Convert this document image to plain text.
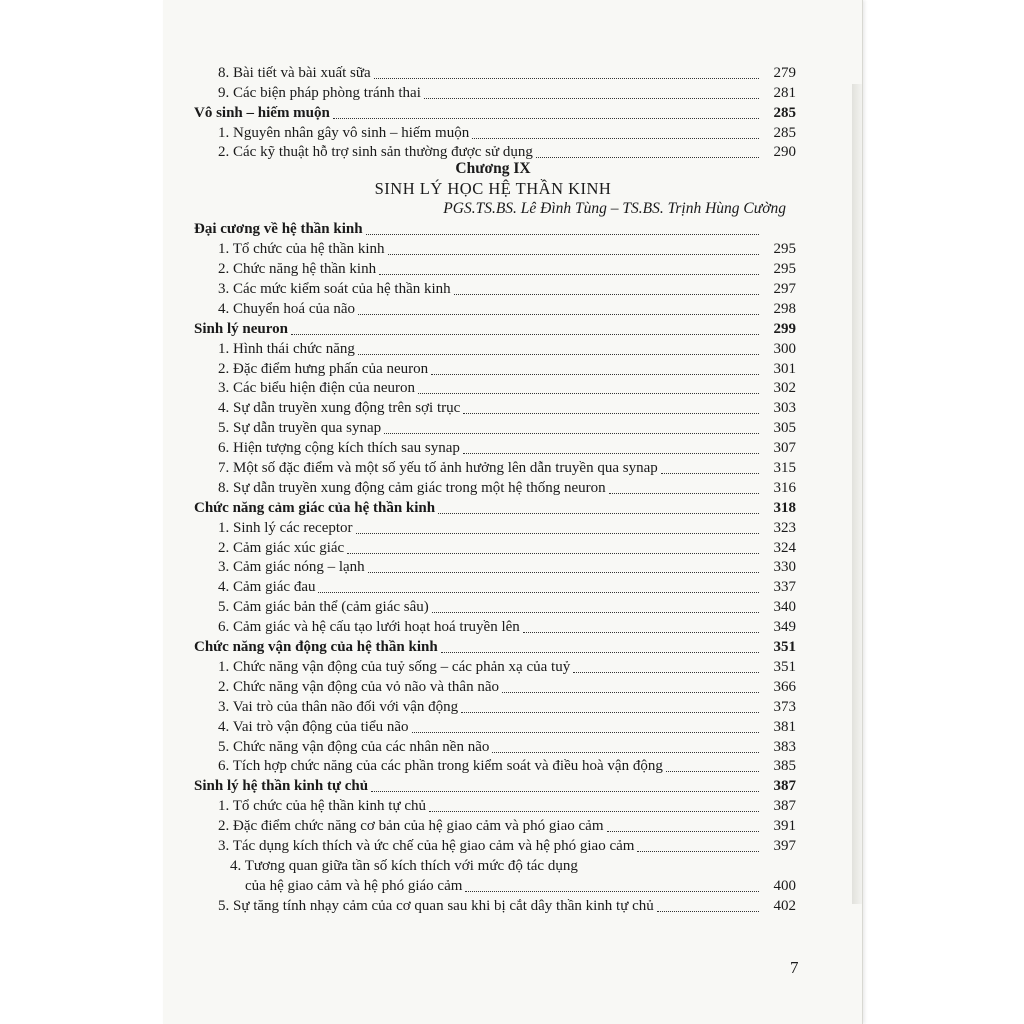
8. Bài tiết và bài xuất sữa	279
9. Các biện pháp phòng tránh thai	281
Vô sinh – hiếm muộn	285
1. Nguyên nhân gây vô sinh – hiếm muộn	285
2. Các kỹ thuật hỗ trợ sinh sản thường được sử dụng	290
Chương IX
SINH LÝ HỌC HỆ THẦN KINH
PGS.TS.BS. Lê Đình Tùng – TS.BS. Trịnh Hùng Cường
Đại cương về hệ thần kinh
1. Tổ chức của hệ thần kinh	295
2. Chức năng hệ thần kinh	295
3. Các mức kiểm soát của hệ thần kinh	297
4. Chuyển hoá của não	298
Sinh lý neuron	299
1. Hình thái chức năng	300
2. Đặc điểm hưng phấn của neuron	301
3. Các biểu hiện điện của neuron	302
4. Sự dẫn truyền xung động trên sợi trục	303
5. Sự dẫn truyền qua synap	305
6. Hiện tượng cộng kích thích sau synap	307
7. Một số đặc điểm và một số yếu tố ảnh hưởng lên dẫn truyền qua synap	315
8. Sự dẫn truyền xung động cảm giác trong một hệ thống neuron	316
Chức năng cảm giác của hệ thần kinh	318
1. Sinh lý các receptor	323
2. Cảm giác xúc giác	324
3. Cảm giác nóng – lạnh	330
4. Cảm giác đau	337
5. Cảm giác bản thể (cảm giác sâu)	340
6. Cảm giác và hệ cấu tạo lưới hoạt hoá truyền lên	349
Chức năng vận động của hệ thần kinh	351
1. Chức năng vận động của tuỷ sống – các phản xạ của tuỷ	351
2. Chức năng vận động của vỏ não và thân não	366
3. Vai trò của thân não đối với vận động	373
4. Vai trò vận động của tiểu não	381
5. Chức năng vận động của các nhân nền não	383
6. Tích hợp chức năng của các phần trong kiểm soát và điều hoà vận động	385
Sinh lý hệ thần kinh tự chủ	387
1. Tổ chức của hệ thần kinh tự chủ	387
2. Đặc điểm chức năng cơ bản của hệ giao cảm và phó giao cảm	391
3. Tác dụng kích thích và ức chế của hệ giao cảm và hệ phó giao cảm	397
4. Tương quan giữa tần số kích thích với mức độ tác dụng
của hệ giao cảm và hệ phó giáo cảm	400
5. Sự tăng tính nhạy cảm của cơ quan sau khi bị cắt dây thần kinh tự chủ	402
7
